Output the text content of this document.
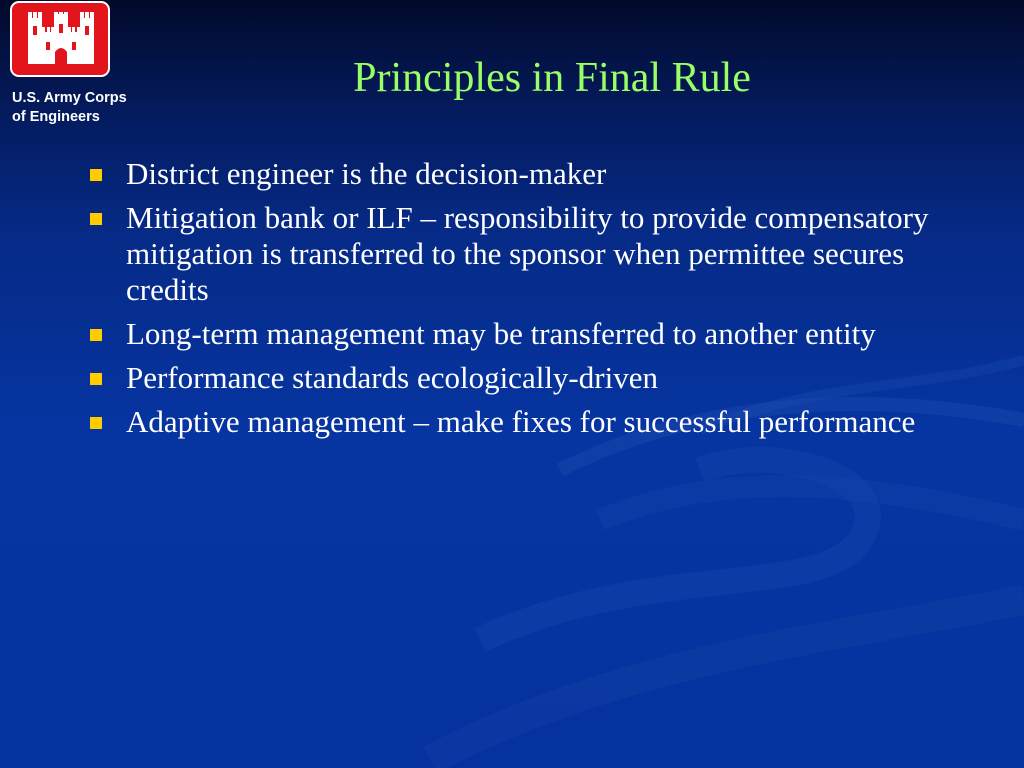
U.S. Army Corps
of Engineers
Principles in Final Rule
District engineer is the decision-maker
Mitigation bank or ILF – responsibility to provide compensatory mitigation is transferred to the sponsor when permittee secures credits
Long-term management may be transferred to another entity
Performance standards ecologically-driven
Adaptive management – make fixes for successful performance
